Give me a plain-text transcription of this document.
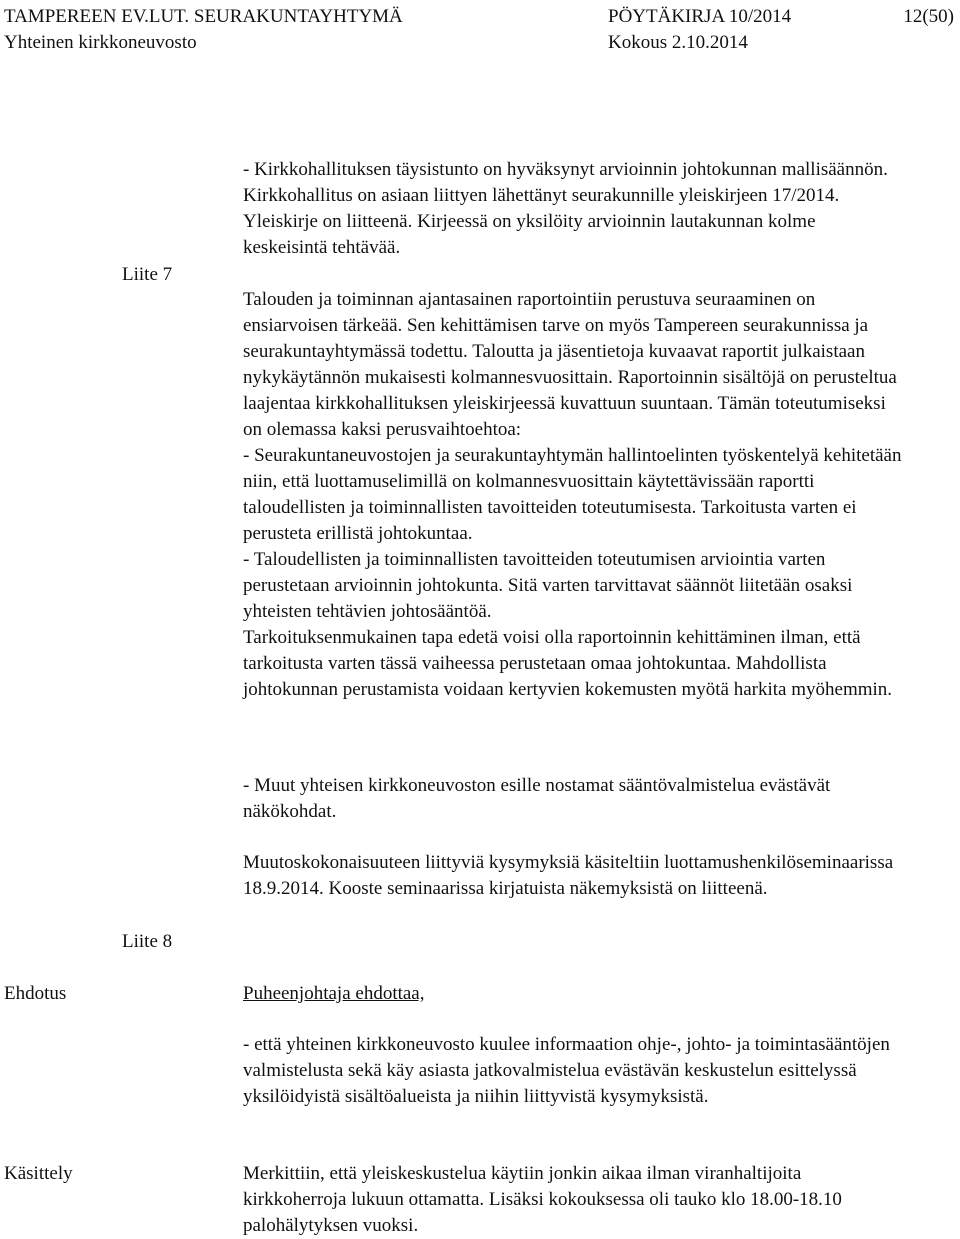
TAMPEREEN EV.LUT. SEURAKUNTAYHTYMÄ	PÖYTÄKIRJA 10/2014	12(50)
Yhteinen kirkkoneuvosto	Kokous 2.10.2014

- Kirkkohallituksen täysistunto on hyväksynyt arvioinnin johtokunnan mallisäännön. Kirkkohallitus on asiaan liittyen lähettänyt seurakunnille yleiskirjeen 17/2014. Yleiskirje on liitteenä. Kirjeessä on yksilöity arvioinnin lautakunnan kolme keskeisintä tehtävää.

Liite 7

Talouden ja toiminnan ajantasainen raportointiin perustuva seuraaminen on ensiarvoisen tärkeää. Sen kehittämisen tarve on myös Tampereen seurakunnissa ja seurakuntayhtymässä todettu. Taloutta ja jäsentietoja kuvaavat raportit julkaistaan nykykäytännön mukaisesti kolmannesvuosittain. Raportoinnin sisältöjä on perusteltua laajentaa kirkkohallituksen yleiskirjeessä kuvattuun suuntaan. Tämän toteutumiseksi on olemassa kaksi perusvaihtoehtoa:

- Seurakuntaneuvostojen ja seurakuntayhtymän hallintoelinten työskentelyä kehitetään niin, että luottamuselimillä on kolmannesvuosittain käytettävissään raportti taloudellisten ja toiminnallisten tavoitteiden toteutumisesta. Tarkoitusta varten ei perusteta erillistä johtokuntaa.

- Taloudellisten ja toiminnallisten tavoitteiden toteutumisen arviointia varten perustetaan arvioinnin johtokunta. Sitä varten tarvittavat säännöt liitetään osaksi yhteisten tehtävien johtosääntöä.

Tarkoituksenmukainen tapa edetä voisi olla raportoinnin kehittäminen ilman, että tarkoitusta varten tässä vaiheessa perustetaan omaa johtokuntaa. Mahdollista johtokunnan perustamista voidaan kertyvien kokemusten myötä harkita myöhemmin.

- Muut yhteisen kirkkoneuvoston esille nostamat sääntövalmistelua evästävät näkökohdat.

Muutoskokonaisuuteen liittyviä kysymyksiä käsiteltiin luottamushenkilöseminaarissa 18.9.2014. Kooste seminaarissa kirjatuista näkemyksistä on liitteenä.

Liite 8
Ehdotus	Puheenjohtaja ehdottaa,

- että yhteinen kirkkoneuvosto kuulee informaation ohje-, johto- ja toimintasääntöjen valmistelusta sekä käy asiasta jatkovalmistelua evästävän keskustelun esittelyssä yksilöidyistä sisältöalueista ja niihin liittyvistä kysymyksistä.

Käsittely	Merkittiin, että yleiskeskustelua käytiin jonkin aikaa ilman viranhaltijoita kirkkoherroja lukuun ottamatta. Lisäksi kokouksessa oli tauko klo 18.00-18.10 palohälytyksen vuoksi.
